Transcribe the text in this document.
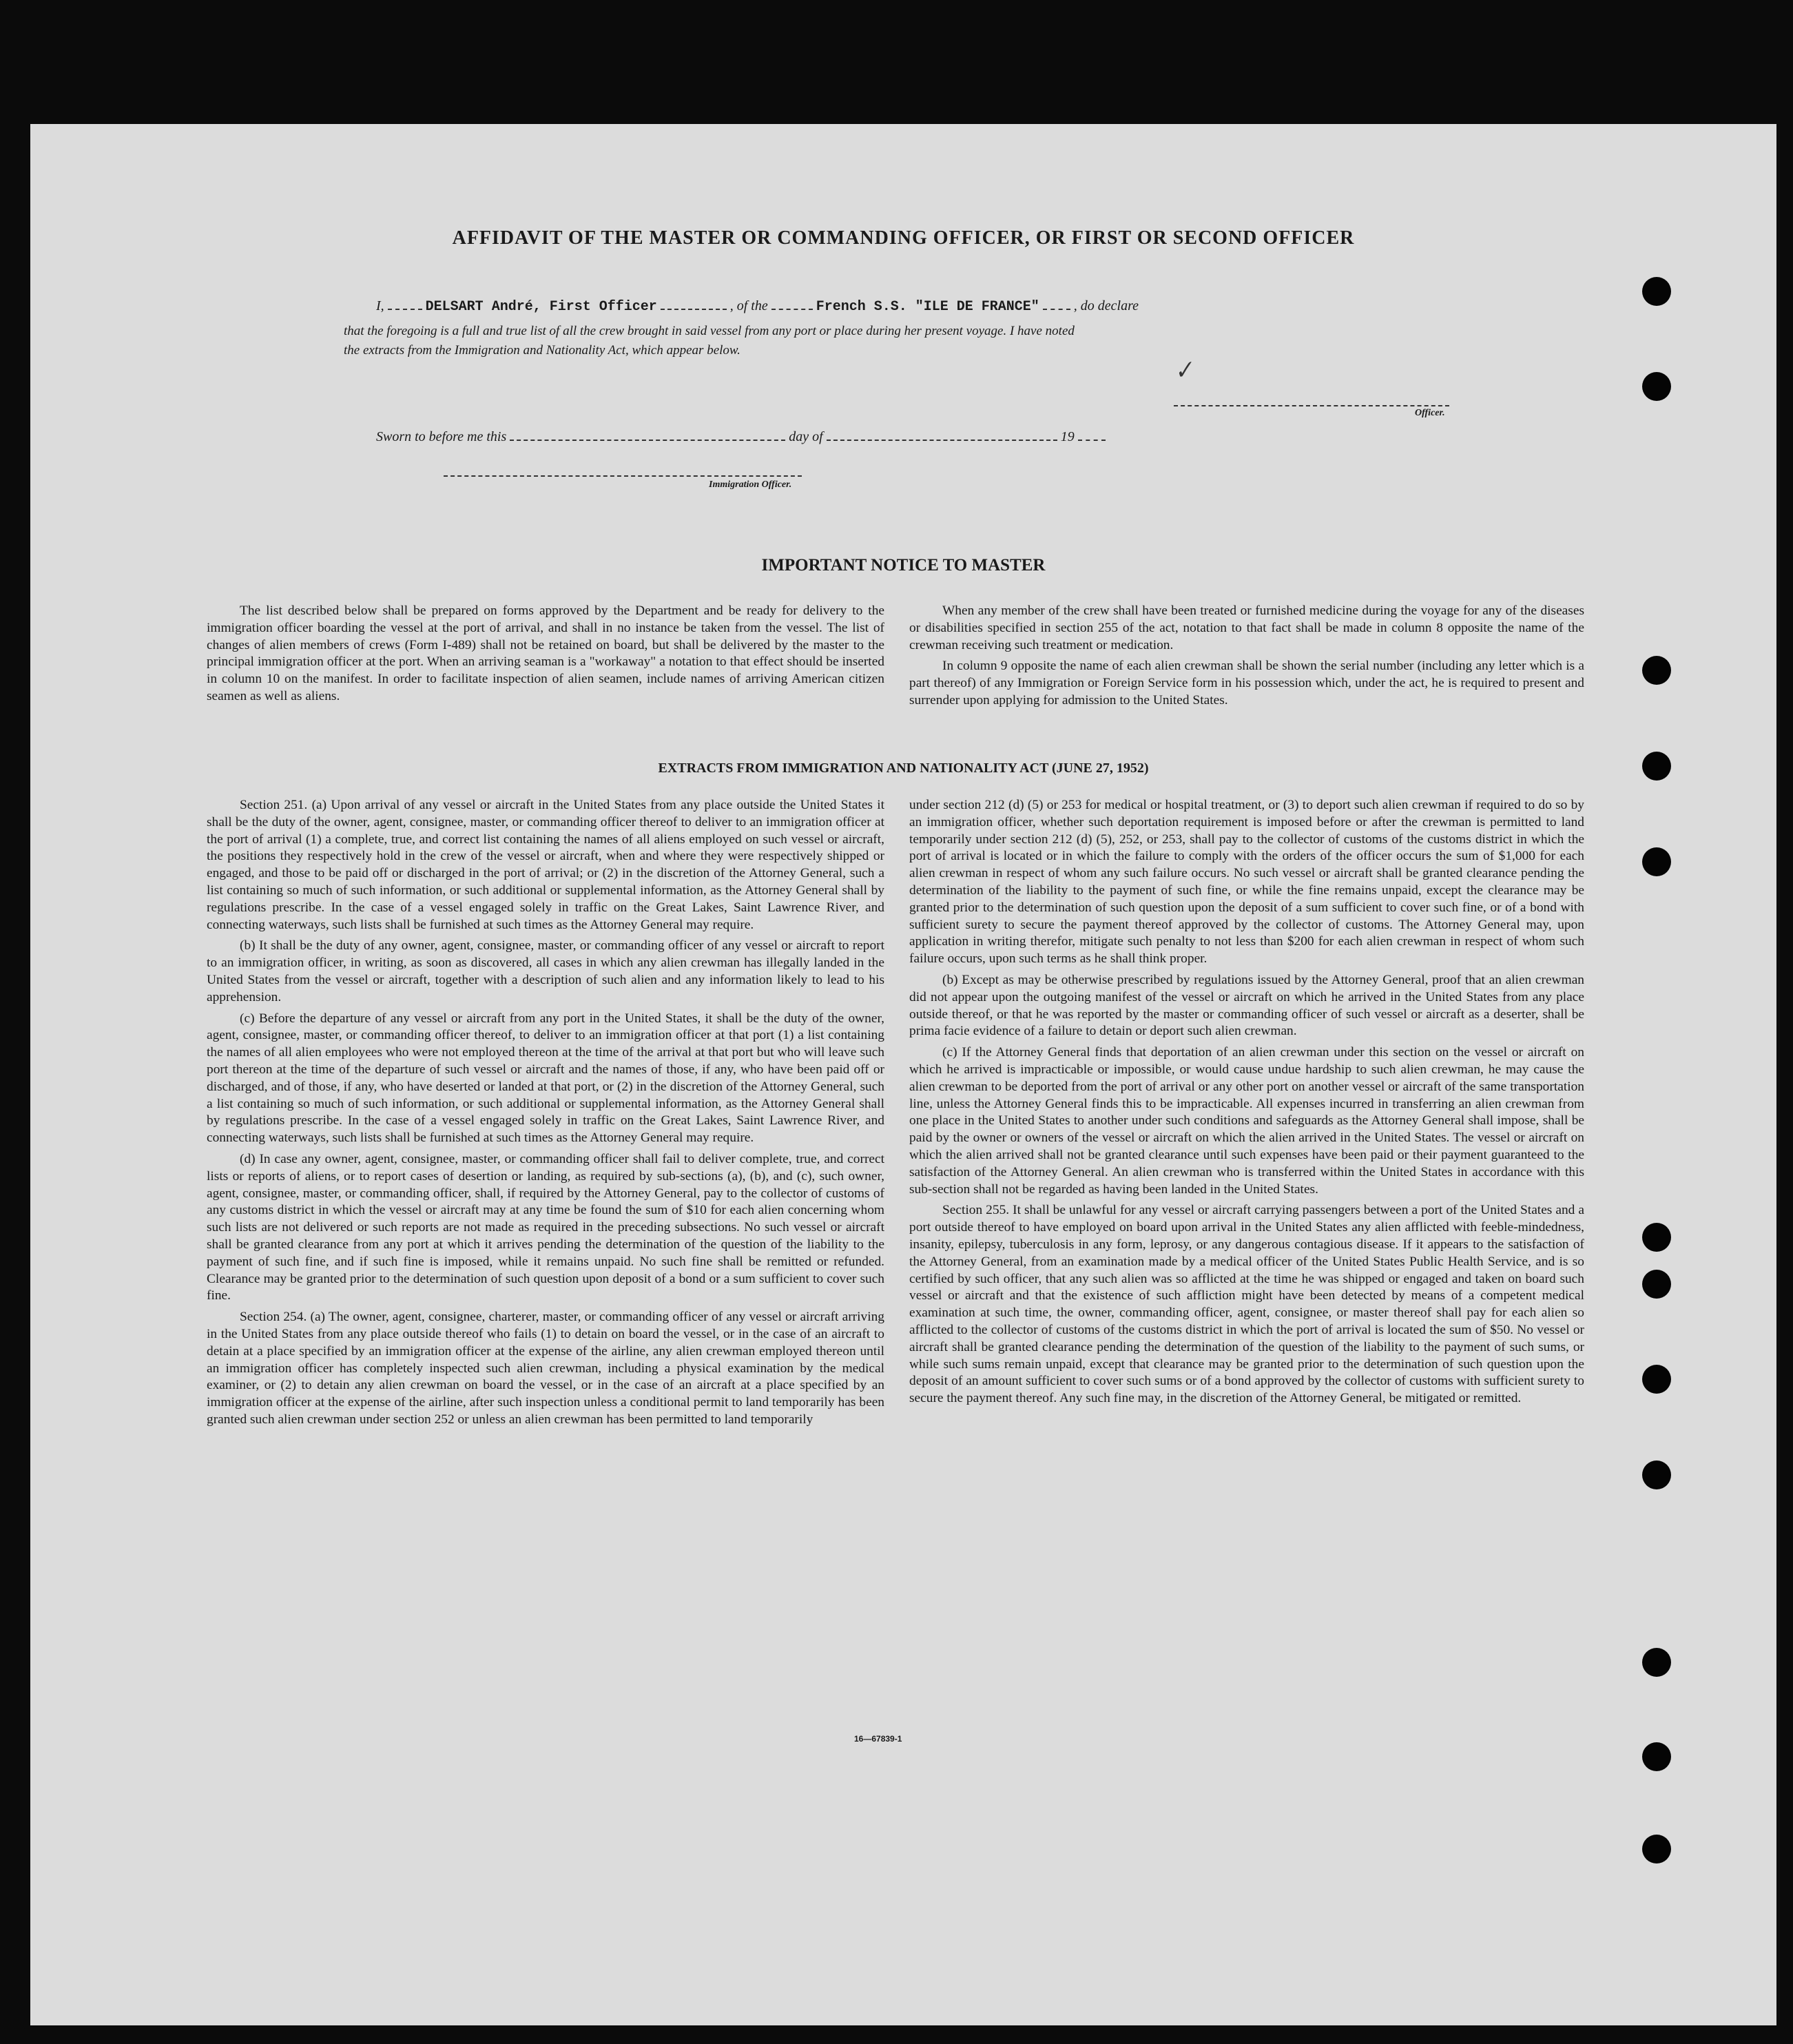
AFFIDAVIT OF THE MASTER OR COMMANDING OFFICER, OR FIRST OR SECOND OFFICER
I,	DELSART André, First Officer	, of the	French S.S. "ILE DE FRANCE"	, do declare
that the foregoing is a full and true list of all the crew brought in said vessel from any port or place during her present voyage. I have noted
the extracts from the Immigration and Nationality Act, which appear below.
✓
Officer.
Sworn to before me this	day of	19
Immigration Officer.
IMPORTANT NOTICE TO MASTER

The list described below shall be prepared on forms approved by the Department and be ready for delivery to the immigration officer boarding the vessel at the port of arrival, and shall in no instance be taken from the vessel. The list of changes of alien members of crews (Form I-489) shall not be retained on board, but shall be delivered by the master to the principal immigration officer at the port. When an arriving seaman is a "workaway" a notation to that effect should be inserted in column 10 on the manifest. In order to facilitate inspection of alien seamen, include names of arriving American citizen seamen as well as aliens.

When any member of the crew shall have been treated or furnished medicine during the voyage for any of the diseases or disabilities specified in section 255 of the act, notation to that fact shall be made in column 8 opposite the name of the crewman receiving such treatment or medication.

In column 9 opposite the name of each alien crewman shall be shown the serial number (including any letter which is a part thereof) of any Immigration or Foreign Service form in his possession which, under the act, he is required to present and surrender upon applying for admission to the United States.

EXTRACTS FROM IMMIGRATION AND NATIONALITY ACT (JUNE 27, 1952)

Section 251. (a) Upon arrival of any vessel or aircraft in the United States from any place outside the United States it shall be the duty of the owner, agent, consignee, master, or commanding officer thereof to deliver to an immigration officer at the port of arrival (1) a complete, true, and correct list containing the names of all aliens employed on such vessel or aircraft, the positions they respectively hold in the crew of the vessel or aircraft, when and where they were respectively shipped or engaged, and those to be paid off or discharged in the port of arrival; or (2) in the discretion of the Attorney General, such a list containing so much of such information, or such additional or supplemental information, as the Attorney General shall by regulations prescribe. In the case of a vessel engaged solely in traffic on the Great Lakes, Saint Lawrence River, and connecting waterways, such lists shall be furnished at such times as the Attorney General may require.

(b) It shall be the duty of any owner, agent, consignee, master, or commanding officer of any vessel or aircraft to report to an immigration officer, in writing, as soon as discovered, all cases in which any alien crewman has illegally landed in the United States from the vessel or aircraft, together with a description of such alien and any information likely to lead to his apprehension.

(c) Before the departure of any vessel or aircraft from any port in the United States, it shall be the duty of the owner, agent, consignee, master, or commanding officer thereof, to deliver to an immigration officer at that port (1) a list containing the names of all alien employees who were not employed thereon at the time of the arrival at that port but who will leave such port thereon at the time of the departure of such vessel or aircraft and the names of those, if any, who have been paid off or discharged, and of those, if any, who have deserted or landed at that port, or (2) in the discretion of the Attorney General, such a list containing so much of such information, or such additional or supplemental information, as the Attorney General shall by regulations prescribe. In the case of a vessel engaged solely in traffic on the Great Lakes, Saint Lawrence River, and connecting waterways, such lists shall be furnished at such times as the Attorney General may require.

(d) In case any owner, agent, consignee, master, or commanding officer shall fail to deliver complete, true, and correct lists or reports of aliens, or to report cases of desertion or landing, as required by sub-sections (a), (b), and (c), such owner, agent, consignee, master, or commanding officer, shall, if required by the Attorney General, pay to the collector of customs of any customs district in which the vessel or aircraft may at any time be found the sum of $10 for each alien concerning whom such lists are not delivered or such reports are not made as required in the preceding subsections. No such vessel or aircraft shall be granted clearance from any port at which it arrives pending the determination of the question of the liability to the payment of such fine, and if such fine is imposed, while it remains unpaid. No such fine shall be remitted or refunded. Clearance may be granted prior to the determination of such question upon deposit of a bond or a sum sufficient to cover such fine.

Section 254. (a) The owner, agent, consignee, charterer, master, or commanding officer of any vessel or aircraft arriving in the United States from any place outside thereof who fails (1) to detain on board the vessel, or in the case of an aircraft to detain at a place specified by an immigration officer at the expense of the airline, any alien crewman employed thereon until an immigration officer has completely inspected such alien crewman, including a physical examination by the medical examiner, or (2) to detain any alien crewman on board the vessel, or in the case of an aircraft at a place specified by an immigration officer at the expense of the airline, after such inspection unless a conditional permit to land temporarily has been granted such alien crewman under section 252 or unless an alien crewman has been permitted to land temporarily

under section 212 (d) (5) or 253 for medical or hospital treatment, or (3) to deport such alien crewman if required to do so by an immigration officer, whether such deportation requirement is imposed before or after the crewman is permitted to land temporarily under section 212 (d) (5), 252, or 253, shall pay to the collector of customs of the customs district in which the port of arrival is located or in which the failure to comply with the orders of the officer occurs the sum of $1,000 for each alien crewman in respect of whom any such failure occurs. No such vessel or aircraft shall be granted clearance pending the determination of the liability to the payment of such fine, or while the fine remains unpaid, except the clearance may be granted prior to the determination of such question upon the deposit of a sum sufficient to cover such fine, or of a bond with sufficient surety to secure the payment thereof approved by the collector of customs. The Attorney General may, upon application in writing therefor, mitigate such penalty to not less than $200 for each alien crewman in respect of whom such failure occurs, upon such terms as he shall think proper.

(b) Except as may be otherwise prescribed by regulations issued by the Attorney General, proof that an alien crewman did not appear upon the outgoing manifest of the vessel or aircraft on which he arrived in the United States from any place outside thereof, or that he was reported by the master or commanding officer of such vessel or aircraft as a deserter, shall be prima facie evidence of a failure to detain or deport such alien crewman.

(c) If the Attorney General finds that deportation of an alien crewman under this section on the vessel or aircraft on which he arrived is impracticable or impossible, or would cause undue hardship to such alien crewman, he may cause the alien crewman to be deported from the port of arrival or any other port on another vessel or aircraft of the same transportation line, unless the Attorney General finds this to be impracticable. All expenses incurred in transferring an alien crewman from one place in the United States to another under such conditions and safeguards as the Attorney General shall impose, shall be paid by the owner or owners of the vessel or aircraft on which the alien arrived in the United States. The vessel or aircraft on which the alien arrived shall not be granted clearance until such expenses have been paid or their payment guaranteed to the satisfaction of the Attorney General. An alien crewman who is transferred within the United States in accordance with this sub-section shall not be regarded as having been landed in the United States.

Section 255. It shall be unlawful for any vessel or aircraft carrying passengers between a port of the United States and a port outside thereof to have employed on board upon arrival in the United States any alien afflicted with feeble-mindedness, insanity, epilepsy, tuberculosis in any form, leprosy, or any dangerous contagious disease. If it appears to the satisfaction of the Attorney General, from an examination made by a medical officer of the United States Public Health Service, and is so certified by such officer, that any such alien was so afflicted at the time he was shipped or engaged and taken on board such vessel or aircraft and that the existence of such affliction might have been detected by means of a competent medical examination at such time, the owner, commanding officer, agent, consignee, or master thereof shall pay for each alien so afflicted to the collector of customs of the customs district in which the port of arrival is located the sum of $50. No vessel or aircraft shall be granted clearance pending the determination of the question of the liability to the payment of such sums, or while such sums remain unpaid, except that clearance may be granted prior to the determination of such question upon the deposit of an amount sufficient to cover such sums or of a bond approved by the collector of customs with sufficient surety to secure the payment thereof. Any such fine may, in the discretion of the Attorney General, be mitigated or remitted.

16—67839-1
